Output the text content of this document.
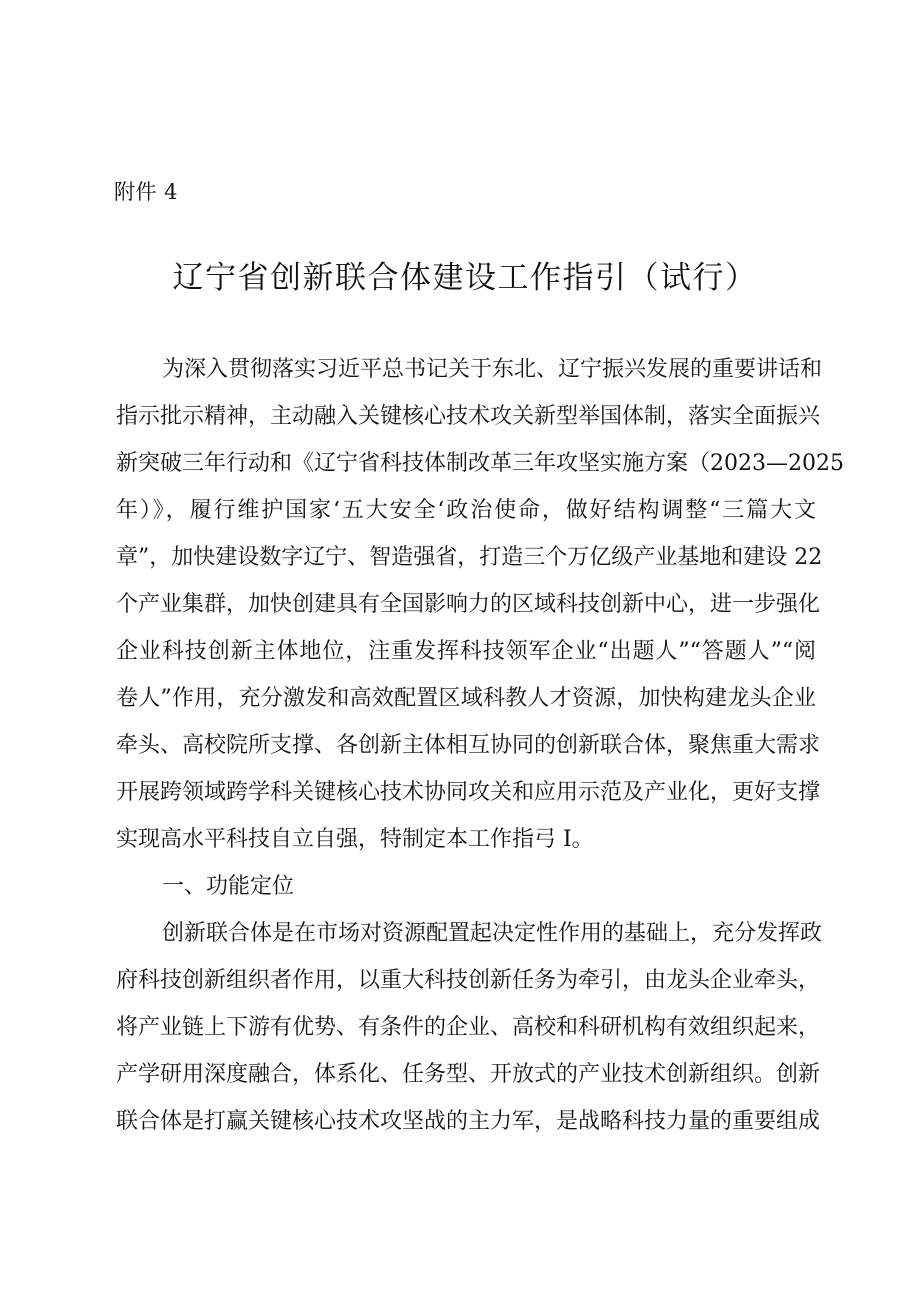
附件 4
辽宁省创新联合体建设工作指引（试行）
为深入贯彻落实习近平总书记关于东北、辽宁振兴发展的重要讲话和
指示批示精神，主动融入关键核心技术攻关新型举国体制，落实全面振兴
新突破三年行动和《辽宁省科技体制改革三年攻坚实施方案（2023—2025
年）》，履行维护国家‘五大安全‘政治使命，做好结构调整“三篇大文
章”，加快建设数字辽宁、智造强省，打造三个万亿级产业基地和建设 22
个产业集群，加快创建具有全国影响力的区域科技创新中心，进一步强化
企业科技创新主体地位，注重发挥科技领军企业“出题人”“答题人”“阅
卷人”作用，充分激发和高效配置区域科教人才资源，加快构建龙头企业
牵头、高校院所支撑、各创新主体相互协同的创新联合体，聚焦重大需求
开展跨领域跨学科关键核心技术协同攻关和应用示范及产业化，更好支撑
实现高水平科技自立自强，特制定本工作指弓 I。
一、功能定位
创新联合体是在市场对资源配置起决定性作用的基础上，充分发挥政
府科技创新组织者作用，以重大科技创新任务为牵引，由龙头企业牵头，
将产业链上下游有优势、有条件的企业、高校和科研机构有效组织起来，
产学研用深度融合，体系化、任务型、开放式的产业技术创新组织。创新
联合体是打赢关键核心技术攻坚战的主力军，是战略科技力量的重要组成
